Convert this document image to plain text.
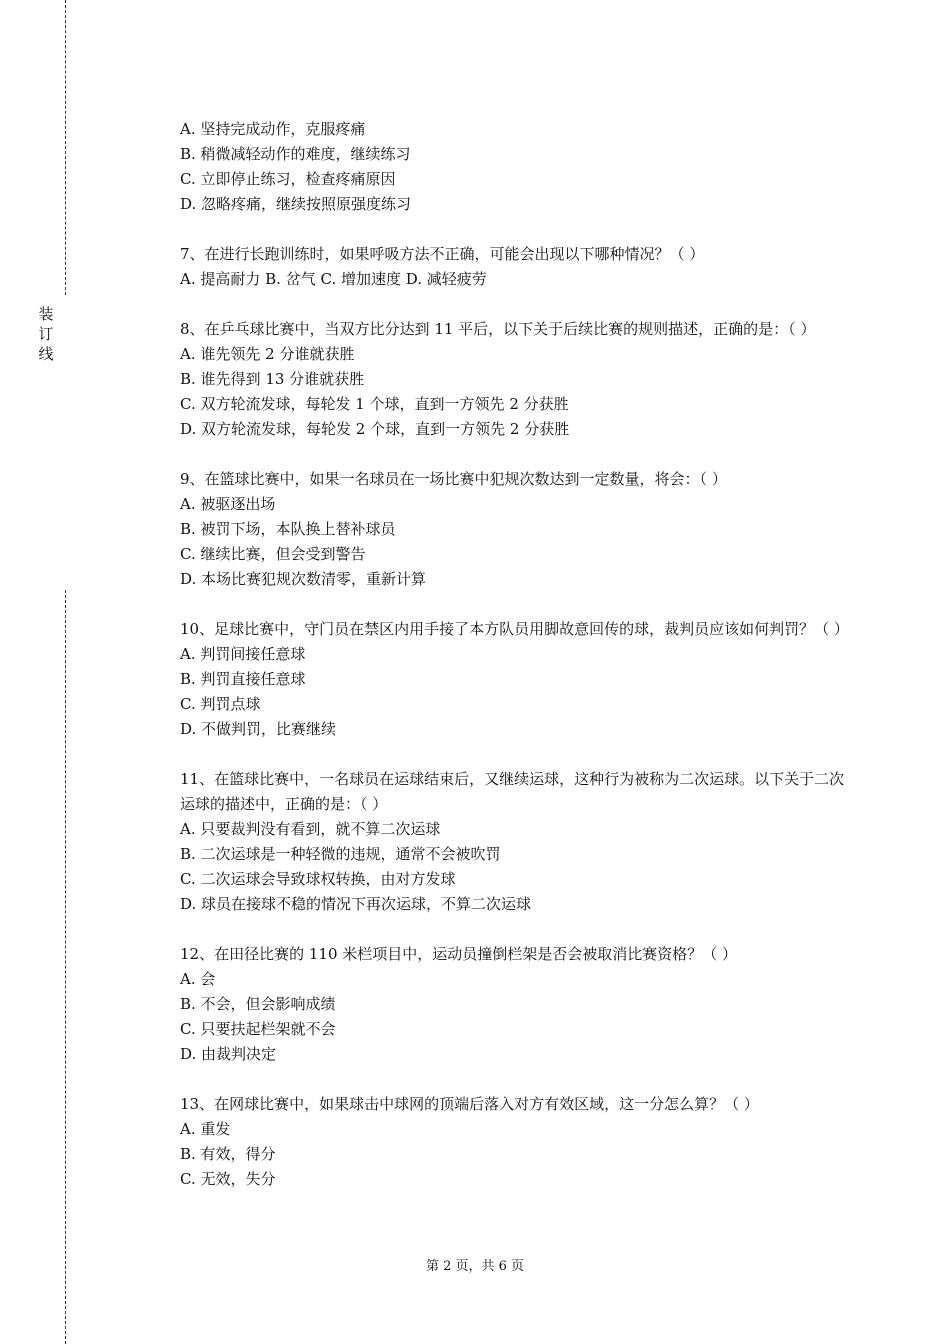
装
订
线

A. 坚持完成动作，克服疼痛

B. 稍微减轻动作的难度，继续练习

C. 立即停止练习，检查疼痛原因

D. 忽略疼痛，继续按照原强度练习

7、在进行长跑训练时，如果呼吸方法不正确，可能会出现以下哪种情况？（ ）

A. 提高耐力 B. 岔气 C. 增加速度 D. 减轻疲劳

8、在乒乓球比赛中，当双方比分达到 11 平后，以下关于后续比赛的规则描述，正确的是：（ ）

A. 谁先领先 2 分谁就获胜

B. 谁先得到 13 分谁就获胜

C. 双方轮流发球，每轮发 1 个球，直到一方领先 2 分获胜

D. 双方轮流发球，每轮发 2 个球，直到一方领先 2 分获胜

9、在篮球比赛中，如果一名球员在一场比赛中犯规次数达到一定数量，将会：（ ）

A. 被驱逐出场

B. 被罚下场，本队换上替补球员

C. 继续比赛，但会受到警告

D. 本场比赛犯规次数清零，重新计算

10、足球比赛中，守门员在禁区内用手接了本方队员用脚故意回传的球，裁判员应该如何判罚？（ ）

A. 判罚间接任意球

B. 判罚直接任意球

C. 判罚点球

D. 不做判罚，比赛继续

11、在篮球比赛中，一名球员在运球结束后，又继续运球，这种行为被称为二次运球。以下关于二次运球的描述中，正确的是：（ ）

A. 只要裁判没有看到，就不算二次运球

B. 二次运球是一种轻微的违规，通常不会被吹罚

C. 二次运球会导致球权转换，由对方发球

D. 球员在接球不稳的情况下再次运球，不算二次运球

12、在田径比赛的 110 米栏项目中，运动员撞倒栏架是否会被取消比赛资格？（ ）

A. 会

B. 不会，但会影响成绩

C. 只要扶起栏架就不会

D. 由裁判决定

13、在网球比赛中，如果球击中球网的顶端后落入对方有效区域，这一分怎么算？（ ）

A. 重发

B. 有效，得分

C. 无效，失分

第 2 页，共 6 页
